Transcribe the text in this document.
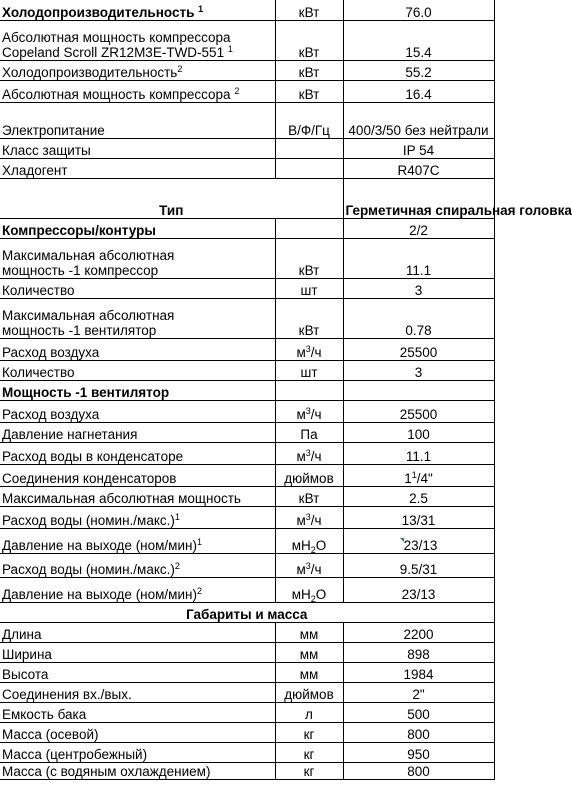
Холодопроизводительность $^1$	кВт	76.0
Абсолютная мощность компрессора
Copeland Scroll ZR12M3E-TWD-551 $^1$	кВт	15.4
Холодопроизводительность$^2$	кВт	55.2
Абсолютная мощность компрессора $^2$	кВт	16.4
Электропитание	В/Ф/Гц	400/3/50 без нейтрали
Класс защиты		IP 54
Хладогент		R407C
Тип		Герметичная спиральная головка
Компрессоры/контуры		2/2
Максимальная абсолютная
мощность -1 компрессор	кВт	11.1
Количество	шт	3
Максимальная абсолютная
мощность -1 вентилятор	кВт	0.78
Расход воздуха	$м^3/ч$	25500
Количество	шт	3
Мощность -1 вентилятор		
Расход воздуха	$м^3/ч$	25500
Давление нагнетания	Па	100
Расход воды в конденсаторе	$м^3/ч$	11.1
Соединения конденсаторов	дюймов	$1^1/4$"
Максимальная абсолютная мощность	кВт	2.5
Расход воды (номин./макс.)$^1$	$м^3/ч$	13/31
Давление на выходе $(ном/мин)^1$	$мН_2О$	23/13
Расход воды (номин./макс.)$^2$	$м^3/ч$	9.5/31
Давление на выходе $(ном/мин)^2$	$мН_2О$	23/13
Габариты и масса		
Длина	мм	2200
Ширина	мм	898
Высота	мм	1984
Соединения вх./вых.	дюймов	2"
Емкость бака	л	500
Масса (осевой)	кг	800
Масса (центробежный)	кг	950
Масса (с водяным охлаждением)	кг	800
